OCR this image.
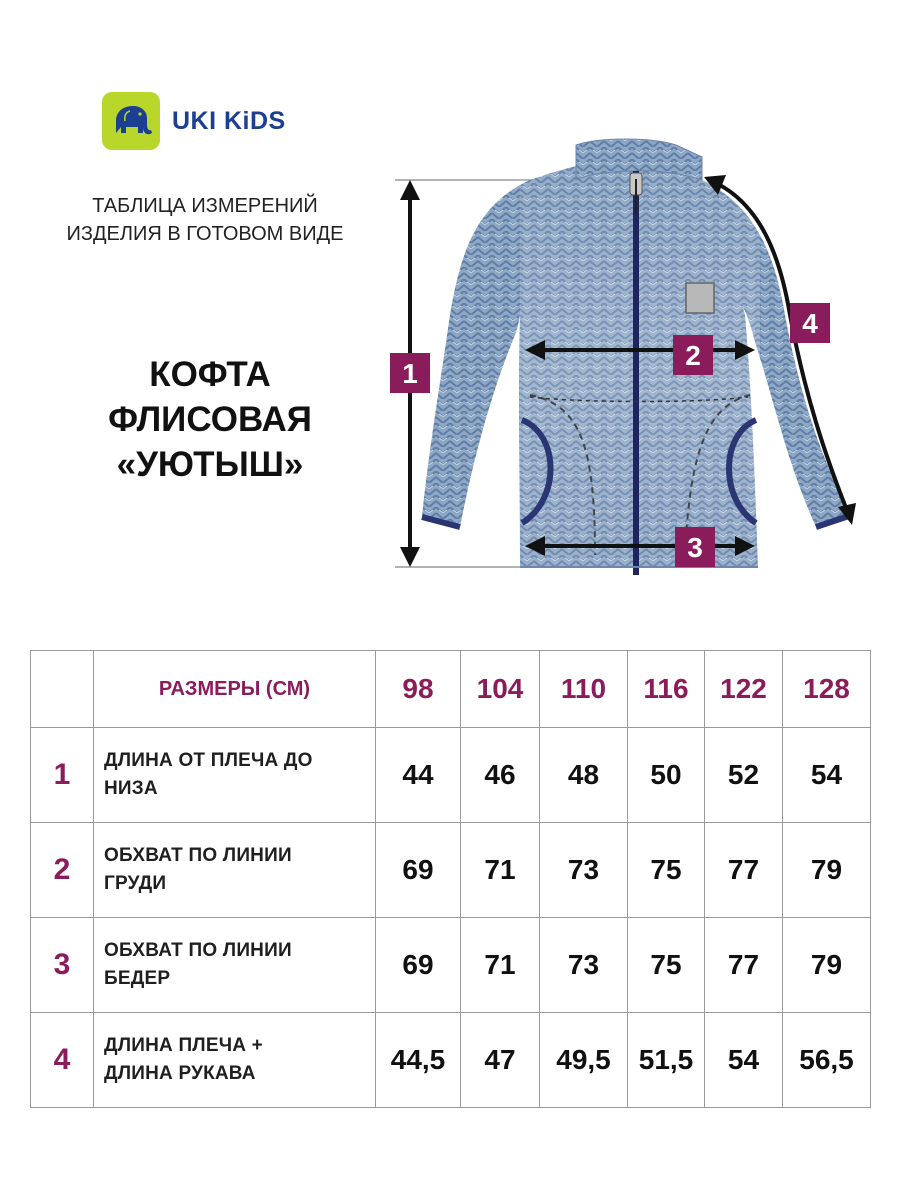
UKI KiDS
ТАБЛИЦА ИЗМЕРЕНИЙ
ИЗДЕЛИЯ В ГОТОВОМ ВИДЕ
КОФТА
ФЛИСОВАЯ
«УЮТЫШ»
1
2
3
4
	РАЗМЕРЫ (СМ)	98	104	110	116	122	128
1	ДЛИНА ОТ ПЛЕЧА ДО
НИЗА	44	46	48	50	52	54
2	ОБХВАТ ПО ЛИНИИ
ГРУДИ	69	71	73	75	77	79
3	ОБХВАТ ПО ЛИНИИ
БЕДЕР	69	71	73	75	77	79
4	ДЛИНА ПЛЕЧА +
ДЛИНА РУКАВА	44,5	47	49,5	51,5	54	56,5
